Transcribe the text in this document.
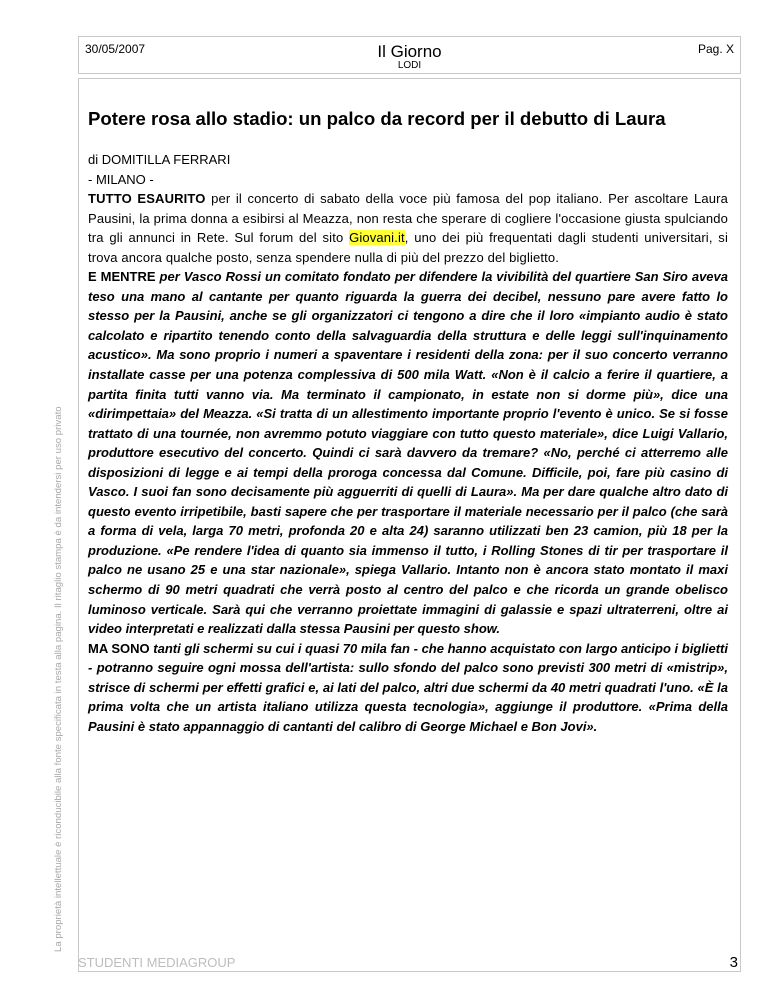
30/05/2007	Il Giorno
LODI
Pag. X
La proprietà intellettuale è riconducibile alla fonte specificata in testa alla pagina. Il ritaglio stampa è da intendersi per uso privato
Potere rosa allo stadio: un palco da record per il debutto di Laura

di DOMITILLA FERRARI

- MILANO -

TUTTO ESAURITO per il concerto di sabato della voce più famosa del pop italiano. Per ascoltare Laura Pausini, la prima donna a esibirsi al Meazza, non resta che sperare di cogliere l'occasione giusta spulciando tra gli annunci in Rete. Sul forum del sito Giovani.it, uno dei più frequentati dagli studenti universitari, si trova ancora qualche posto, senza spendere nulla di più del prezzo del biglietto.

E MENTRE per Vasco Rossi un comitato fondato per difendere la vivibilità del quartiere San Siro aveva teso una mano al cantante per quanto riguarda la guerra dei decibel, nessuno pare avere fatto lo stesso per la Pausini, anche se gli organizzatori ci tengono a dire che il loro «impianto audio è stato calcolato e ripartito tenendo conto della salvaguardia della struttura e delle leggi sull'inquinamento acustico». Ma sono proprio i numeri a spaventare i residenti della zona: per il suo concerto verranno installate casse per una potenza complessiva di 500 mila Watt. «Non è il calcio a ferire il quartiere, a partita finita tutti vanno via. Ma terminato il campionato, in estate non si dorme più», dice una «dirimpettaia» del Meazza. «Si tratta di un allestimento importante proprio l'evento è unico. Se si fosse trattato di una tournée, non avremmo potuto viaggiare con tutto questo materiale», dice Luigi Vallario, produttore esecutivo del concerto. Quindi ci sarà davvero da tremare? «No, perché ci atterremo alle disposizioni di legge e ai tempi della proroga concessa dal Comune. Difficile, poi, fare più casino di Vasco. I suoi fan sono decisamente più agguerriti di quelli di Laura». Ma per dare qualche altro dato di questo evento irripetibile, basti sapere che per trasportare il materiale necessario per il palco (che sarà a forma di vela, larga 70 metri, profonda 20 e alta 24) saranno utilizzati ben 23 camion, più 18 per la produzione. «Pe rendere l'idea di quanto sia immenso il tutto, i Rolling Stones di tir per trasportare il palco ne usano 25 e una star nazionale», spiega Vallario. Intanto non è ancora stato montato il maxi schermo di 90 metri quadrati che verrà posto al centro del palco e che ricorda un grande obelisco luminoso verticale. Sarà qui che verranno proiettate immagini di galassie e spazi ultraterreni, oltre ai video interpretati e realizzati dalla stessa Pausini per questo show.

MA SONO tanti gli schermi su cui i quasi 70 mila fan - che hanno acquistato con largo anticipo i biglietti - potranno seguire ogni mossa dell'artista: sullo sfondo del palco sono previsti 300 metri di «mistrip», strisce di schermi per effetti grafici e, ai lati del palco, altri due schermi da 40 metri quadrati l'uno. «È la prima volta che un artista italiano utilizza questa tecnologia», aggiunge il produttore. «Prima della Pausini è stato appannaggio di cantanti del calibro di George Michael e Bon Jovi».

STUDENTI MEDIAGROUP	3
